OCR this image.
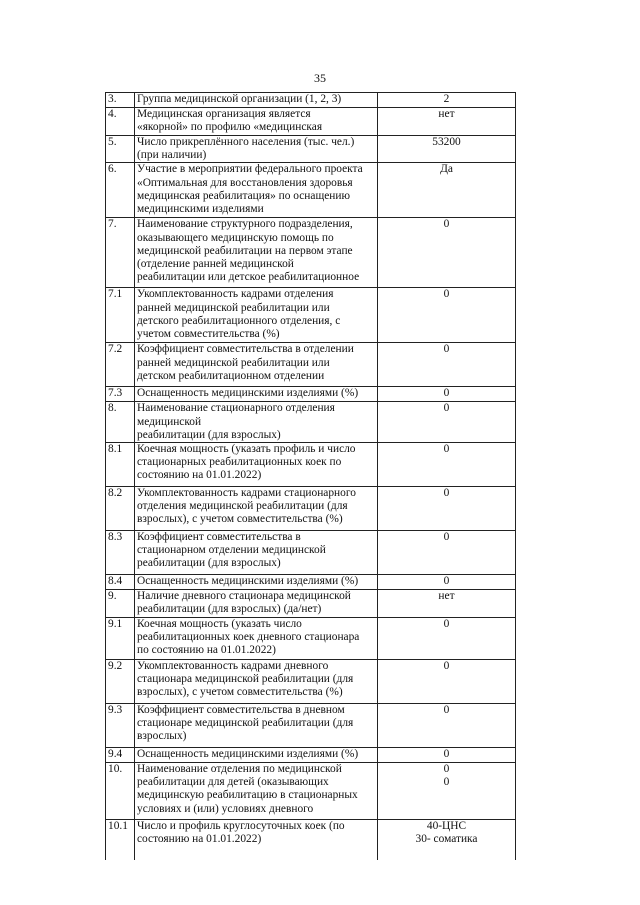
35
3.	Группа медицинской организации (1, 2, 3)	2
4.	Медицинская организация является
«якорной» по профилю «медицинская	нет
5.	Число прикреплённого населения (тыс. чел.)
(при наличии)	53200
6.	Участие в мероприятии федерального проекта
«Оптимальная для восстановления здоровья
медицинская реабилитация» по оснащению
медицинскими изделиями	Да
7.	Наименование структурного подразделения,
оказывающего медицинскую помощь по
медицинской реабилитации на первом этапе
(отделение ранней медицинской
реабилитации или детское реабилитационное	0
7.1	Укомплектованность кадрами отделения
ранней медицинской реабилитации или
детского реабилитационного отделения, с
учетом совместительства (%)	0
7.2	Коэффициент совместительства в отделении
ранней медицинской реабилитации или
детском реабилитационном отделении	0
7.3	Оснащенность медицинскими изделиями (%)	0
8.	Наименование стационарного отделения
медицинской
реабилитации (для взрослых)	0
8.1	Коечная мощность (указать профиль и число
стационарных реабилитационных коек по
состоянию на 01.01.2022)	0
8.2	Укомплектованность кадрами стационарного
отделения медицинской реабилитации (для
взрослых), с учетом совместительства (%)	0
8.3	Коэффициент совместительства в
стационарном отделении медицинской
реабилитации (для взрослых)	0
8.4	Оснащенность медицинскими изделиями (%)	0
9.	Наличие дневного стационара медицинской
реабилитации (для взрослых) (да/нет)	нет
9.1	Коечная мощность (указать число
реабилитационных коек дневного стационара
по состоянию на 01.01.2022)	0
9.2	Укомплектованность кадрами дневного
стационара медицинской реабилитации (для
взрослых), с учетом совместительства (%)	0
9.3	Коэффициент совместительства в дневном
стационаре медицинской реабилитации (для
взрослых)	0
9.4	Оснащенность медицинскими изделиями (%)	0
10.	Наименование отделения по медицинской
реабилитации для детей (оказывающих
медицинскую реабилитацию в стационарных
условиях и (или) условиях дневного	0
0
10.1	Число и профиль круглосуточных коек (по
состоянию на 01.01.2022)	40-ЦНС
30- соматика
